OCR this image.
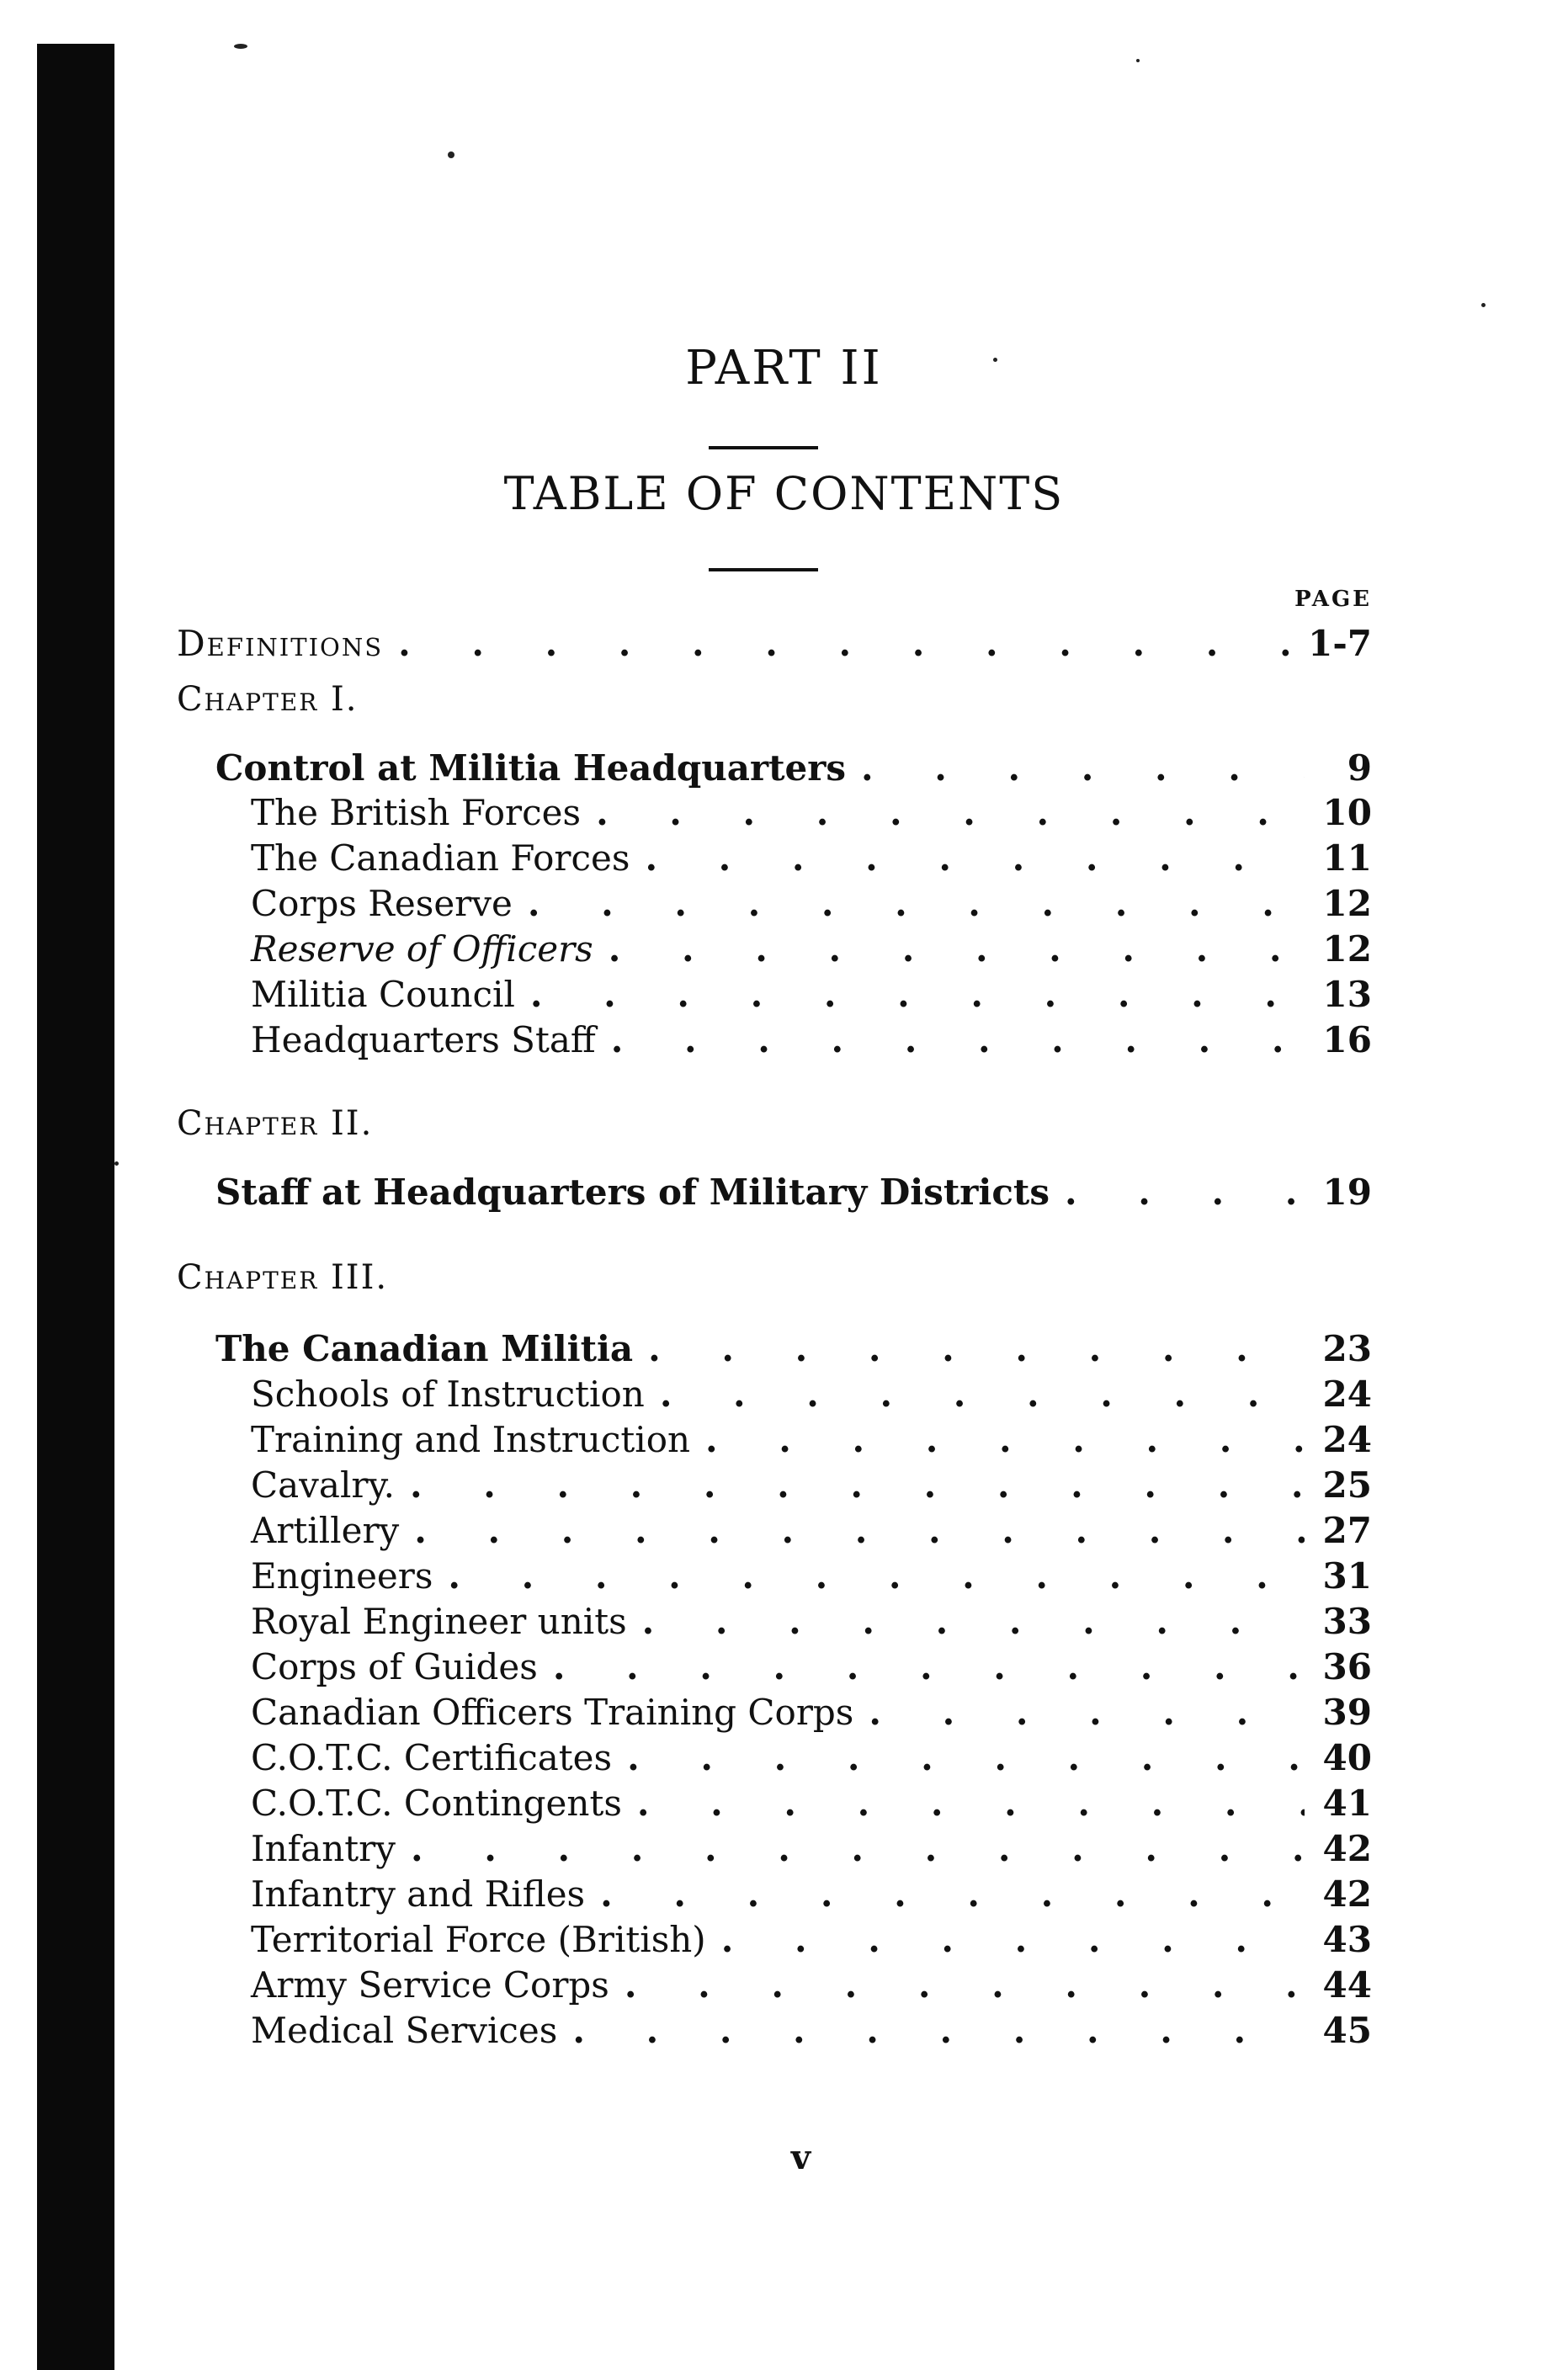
PART II
TABLE OF CONTENTS
PAGE
Definitions . . .	1-7
Chapter I.
Control at Militia Headquarters . . .	9
The British Forces . . .	10
The Canadian Forces . . .	11
Corps Reserve . . .	12
Reserve of Officers . . .	12
Militia Council . . .	13
Headquarters Staff . . .	16
Chapter II.
Staff at Headquarters of Military Districts . . .	19
Chapter III.
The Canadian Militia . . .	23
Schools of Instruction . . .	24
Training and Instruction . . .	24
Cavalry. . . .	25
Artillery . . .	27
Engineers . . .	31
Royal Engineer units . . .	33
Corps of Guides . . .	36
Canadian Officers Training Corps . . .	39
C.O.T.C. Certificates . . .	40
C.O.T.C. Contingents . . .	41
Infantry . . .	42
Infantry and Rifles . . .	42
Territorial Force (British) . . .	43
Army Service Corps . . .	44
Medical Services . . .	45
v
